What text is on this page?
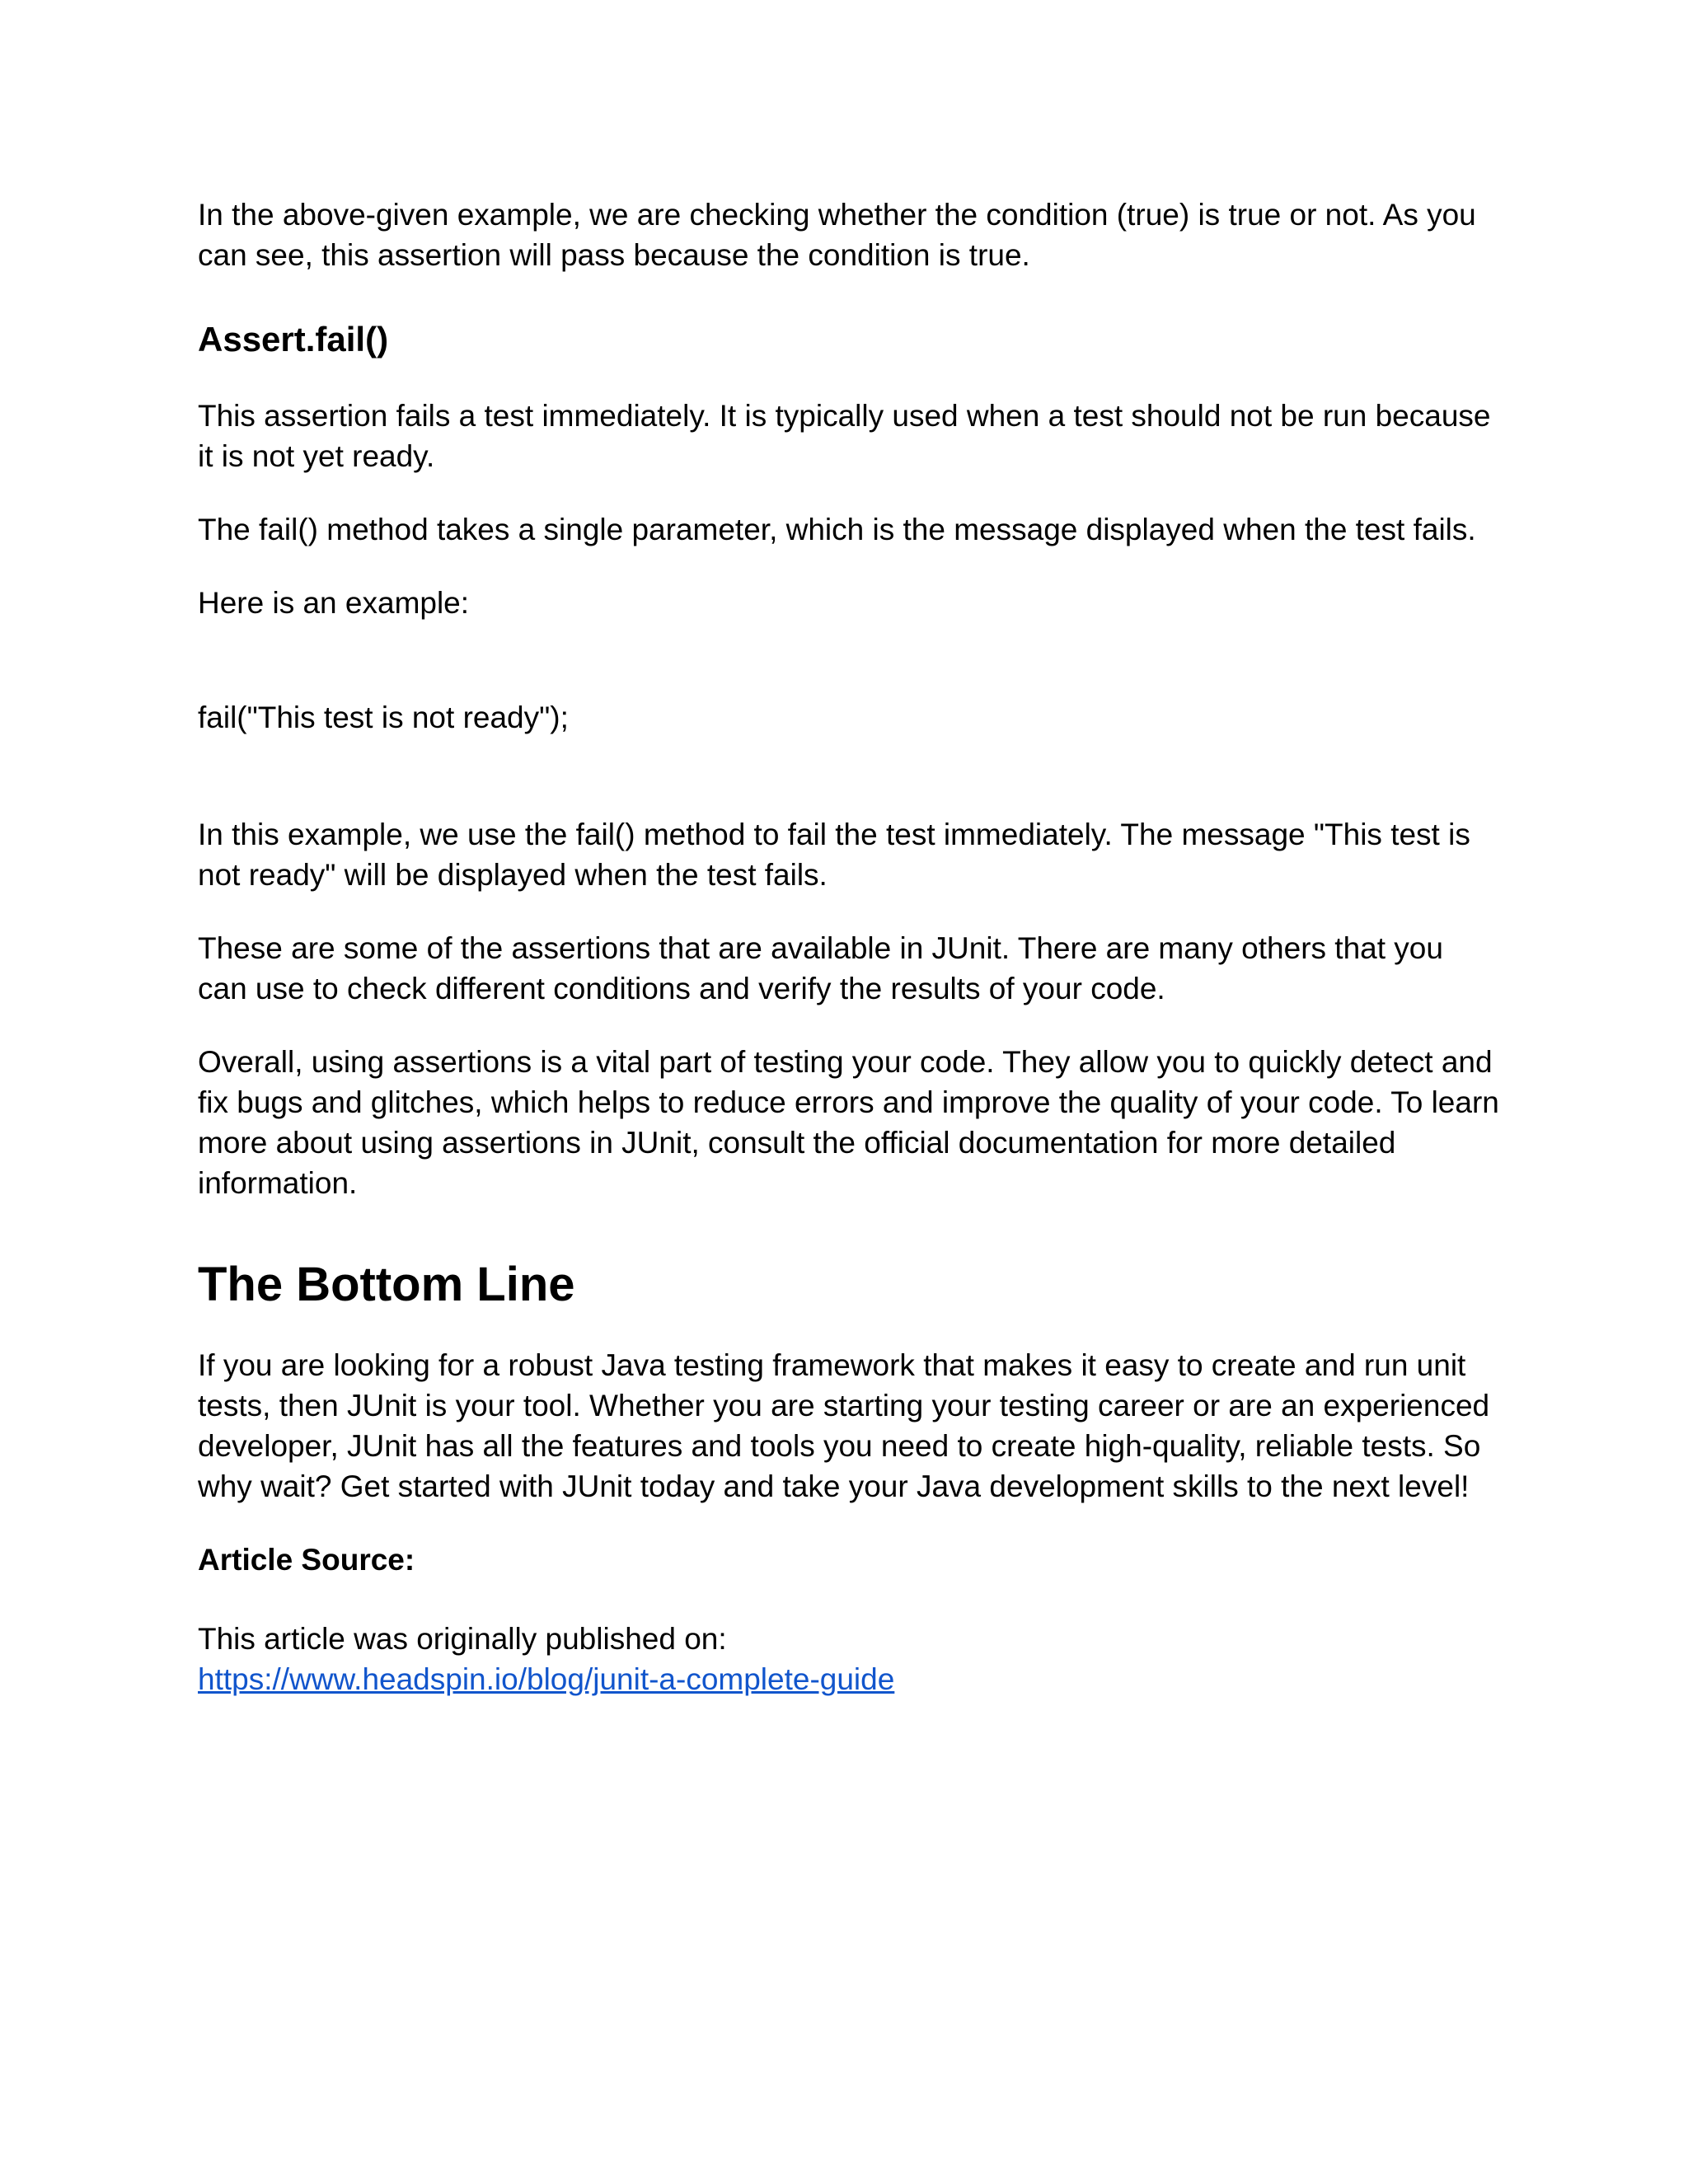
In the above-given example, we are checking whether the condition (true) is true or not. As you can see, this assertion will pass because the condition is true.

Assert.fail()

This assertion fails a test immediately. It is typically used when a test should not be run because it is not yet ready.

The fail() method takes a single parameter, which is the message displayed when the test fails.

Here is an example:

fail("This test is not ready");

In this example, we use the fail() method to fail the test immediately. The message "This test is not ready" will be displayed when the test fails.

These are some of the assertions that are available in JUnit. There are many others that you can use to check different conditions and verify the results of your code.

Overall, using assertions is a vital part of testing your code. They allow you to quickly detect and fix bugs and glitches, which helps to reduce errors and improve the quality of your code. To learn more about using assertions in JUnit, consult the official documentation for more detailed information.

The Bottom Line

If you are looking for a robust Java testing framework that makes it easy to create and run unit tests, then JUnit is your tool. Whether you are starting your testing career or are an experienced developer, JUnit has all the features and tools you need to create high-quality, reliable tests. So why wait? Get started with JUnit today and take your Java development skills to the next level!

Article Source:

This article was originally published on:

https://www.headspin.io/blog/junit-a-complete-guide
